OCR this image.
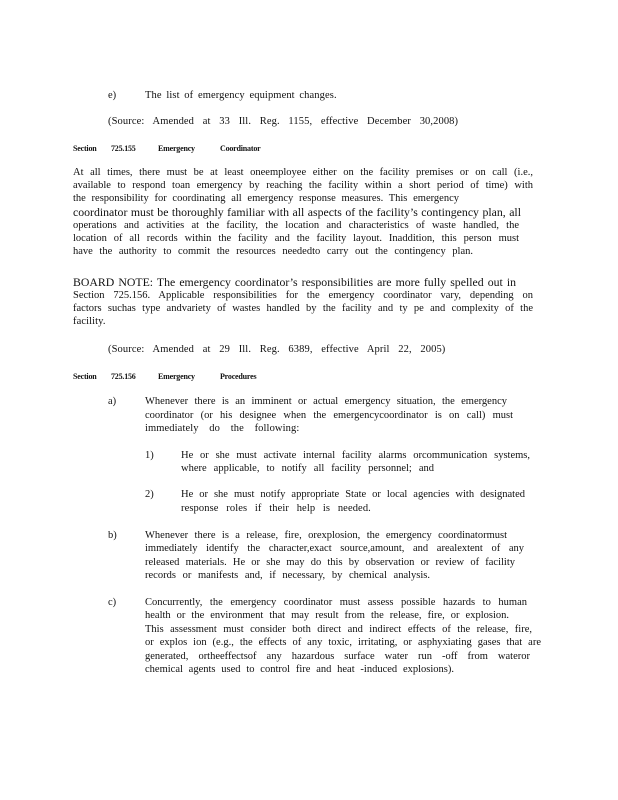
e)	The list of emergency equipment changes.
(Source: Amended at 33 Ill. Reg. 1155, effective December 30,2008)
Section 725.155	Emergency	Coordinator
At all times, there must be at least oneemployee either on the facility premises or on call (i.e.,
available to respond toan emergency by reaching the facility within a short period of time) with
the responsibility for coordinating all emergency response measures. This emergency
coordinator must be thoroughly familiar with all aspects of the facility’s contingency plan, all
operations and activities at the facility, the location and characteristics of waste handled, the
location of all records within the facility and the facility layout. Inaddition, this person must
have the authority to commit the resources neededto carry out the contingency plan.
BOARD NOTE: The emergency coordinator’s responsibilities are more fully spelled out in
Section 725.156. Applicable responsibilities for the emergency coordinator vary, depending on
factors suchas type andvariety of wastes handled by the facility and ty pe and complexity of the
facility.
(Source: Amended at 29 Ill. Reg. 6389, effective April 22, 2005)
Section 725.156	Emergency	Procedures
a)	Whenever there is an imminent or actual emergency situation, the emergency
coordinator (or his designee when the emergencycoordinator is on call) must
immediately do the following:
1)	He or she must activate internal facility alarms orcommunication systems,
where applicable, to notify all facility personnel; and
2)	He or she must notify appropriate State or local agencies with designated
response roles if their help is needed.
b)	Whenever there is a release, fire, orexplosion, the emergency coordinatormust
immediately identify the character,exact source,amount, and arealextent of any
released materials. He or she may do this by observation or review of facility
records or manifests and, if necessary, by chemical analysis.
c)	Concurrently, the emergency coordinator must assess possible hazards to human
health or the environment that may result from the release, fire, or explosion.
This assessment must consider both direct and indirect effects of the release, fire,
or explos ion (e.g., the effects of any toxic, irritating, or asphyxiating gases that are
generated, ortheeffectsof any hazardous surface water run -off from wateror
chemical agents used to control fire and heat -induced explosions).
